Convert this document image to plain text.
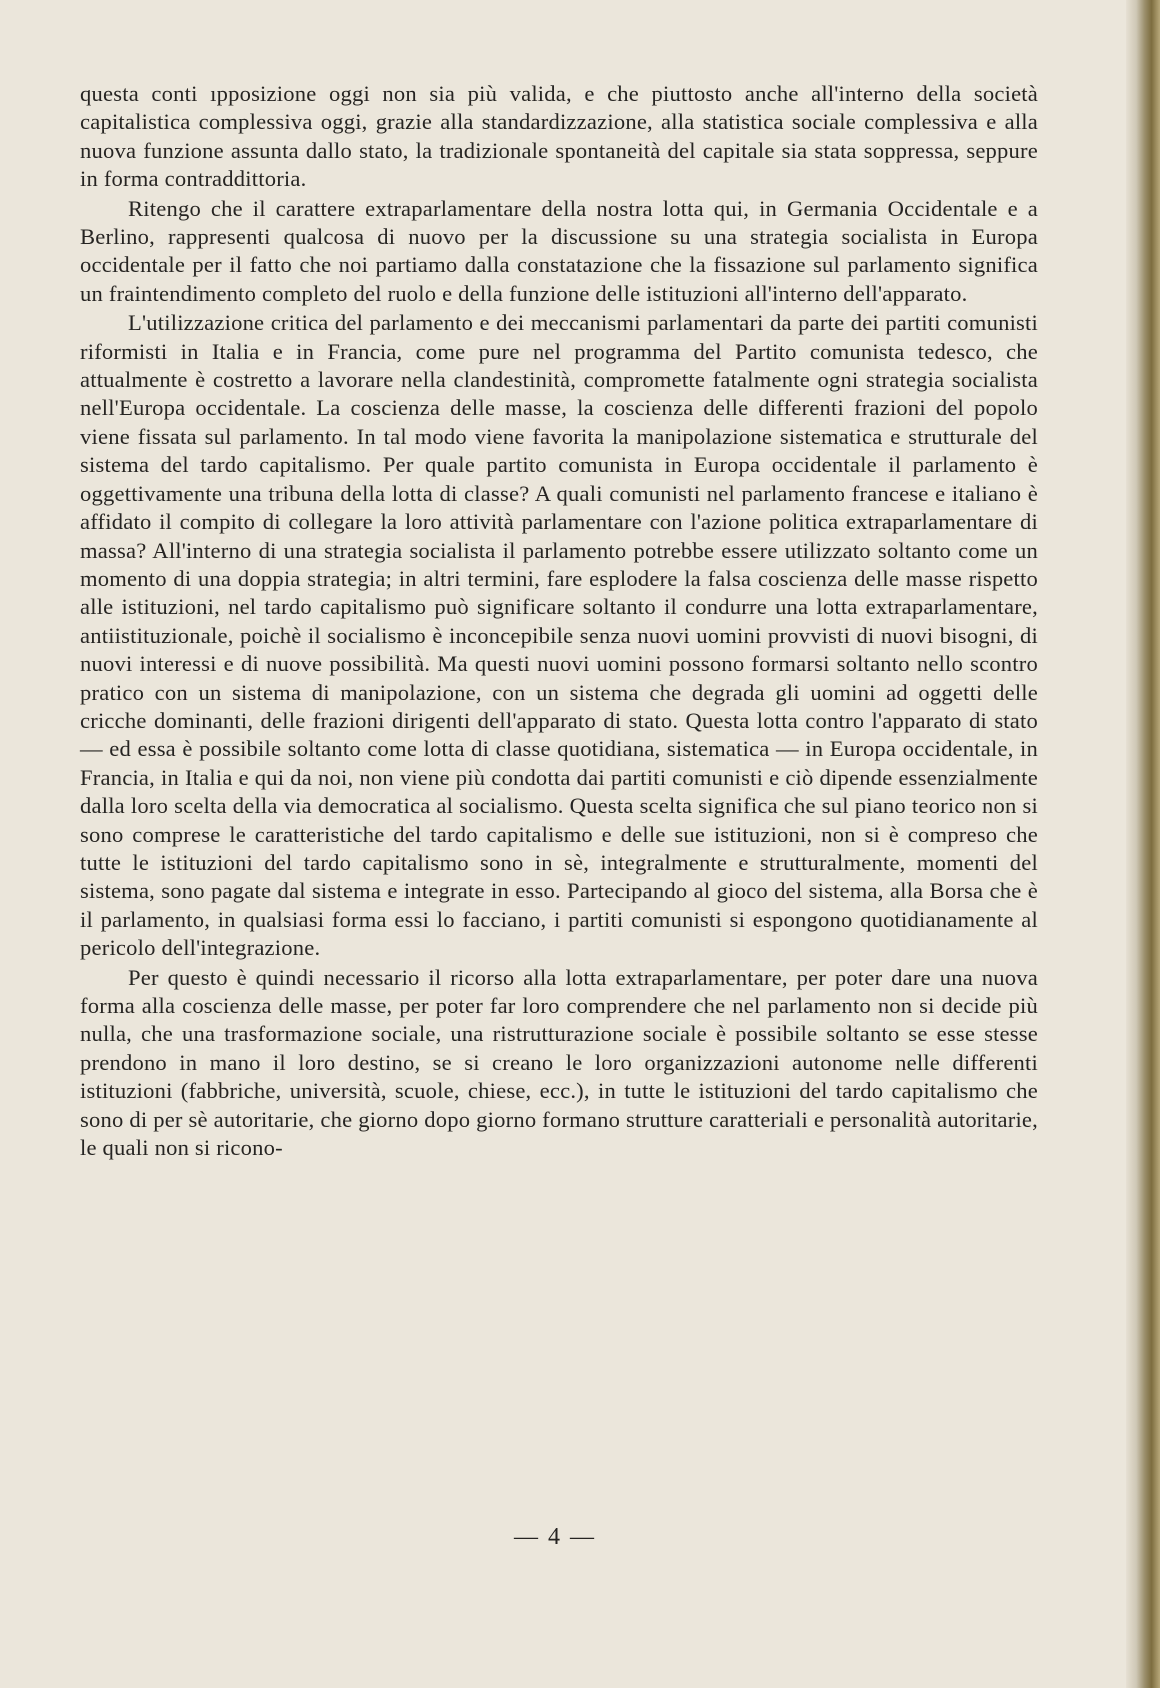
questa conti ıpposizione oggi non sia più valida, e che piuttosto anche all'interno della società capitalistica complessiva oggi, grazie alla standardizzazione, alla statistica sociale complessiva e alla nuova funzione assunta dallo stato, la tradizionale spontaneità del capitale sia stata soppressa, seppure in forma contraddittoria.

Ritengo che il carattere extraparlamentare della nostra lotta qui, in Germania Occidentale e a Berlino, rappresenti qualcosa di nuovo per la discussione su una strategia socialista in Europa occidentale per il fatto che noi partiamo dalla constatazione che la fissazione sul parlamento significa un fraintendimento completo del ruolo e della funzione delle istituzioni all'interno dell'apparato.

L'utilizzazione critica del parlamento e dei meccanismi parlamentari da parte dei partiti comunisti riformisti in Italia e in Francia, come pure nel programma del Partito comunista tedesco, che attualmente è costretto a lavorare nella clandestinità, compromette fatalmente ogni strategia socialista nell'Europa occidentale. La coscienza delle masse, la coscienza delle differenti frazioni del popolo viene fissata sul parlamento. In tal modo viene favorita la manipolazione sistematica e strutturale del sistema del tardo capitalismo. Per quale partito comunista in Europa occidentale il parlamento è oggettivamente una tribuna della lotta di classe? A quali comunisti nel parlamento francese e italiano è affidato il compito di collegare la loro attività parlamentare con l'azione politica extraparlamentare di massa? All'interno di una strategia socialista il parlamento potrebbe essere utilizzato soltanto come un momento di una doppia strategia; in altri termini, fare esplodere la falsa coscienza delle masse rispetto alle istituzioni, nel tardo capitalismo può significare soltanto il condurre una lotta extraparlamentare, antiistituzionale, poichè il socialismo è inconcepibile senza nuovi uomini provvisti di nuovi bisogni, di nuovi interessi e di nuove possibilità. Ma questi nuovi uomini possono formarsi soltanto nello scontro pratico con un sistema di manipolazione, con un sistema che degrada gli uomini ad oggetti delle cricche dominanti, delle frazioni dirigenti dell'apparato di stato. Questa lotta contro l'apparato di stato — ed essa è possibile soltanto come lotta di classe quotidiana, sistematica — in Europa occidentale, in Francia, in Italia e qui da noi, non viene più condotta dai partiti comunisti e ciò dipende essenzialmente dalla loro scelta della via democratica al socialismo. Questa scelta significa che sul piano teorico non si sono comprese le caratteristiche del tardo capitalismo e delle sue istituzioni, non si è compreso che tutte le istituzioni del tardo capitalismo sono in sè, integralmente e strutturalmente, momenti del sistema, sono pagate dal sistema e integrate in esso. Partecipando al gioco del sistema, alla Borsa che è il parlamento, in qualsiasi forma essi lo facciano, i partiti comunisti si espongono quotidianamente al pericolo dell'integrazione.

Per questo è quindi necessario il ricorso alla lotta extraparlamentare, per poter dare una nuova forma alla coscienza delle masse, per poter far loro comprendere che nel parlamento non si decide più nulla, che una trasformazione sociale, una ristrutturazione sociale è possibile soltanto se esse stesse prendono in mano il loro destino, se si creano le loro organizzazioni autonome nelle differenti istituzioni (fabbriche, università, scuole, chiese, ecc.), in tutte le istituzioni del tardo capitalismo che sono di per sè autoritarie, che giorno dopo giorno formano strutture caratteriali e personalità autoritarie, le quali non si ricono-

— 4 —
